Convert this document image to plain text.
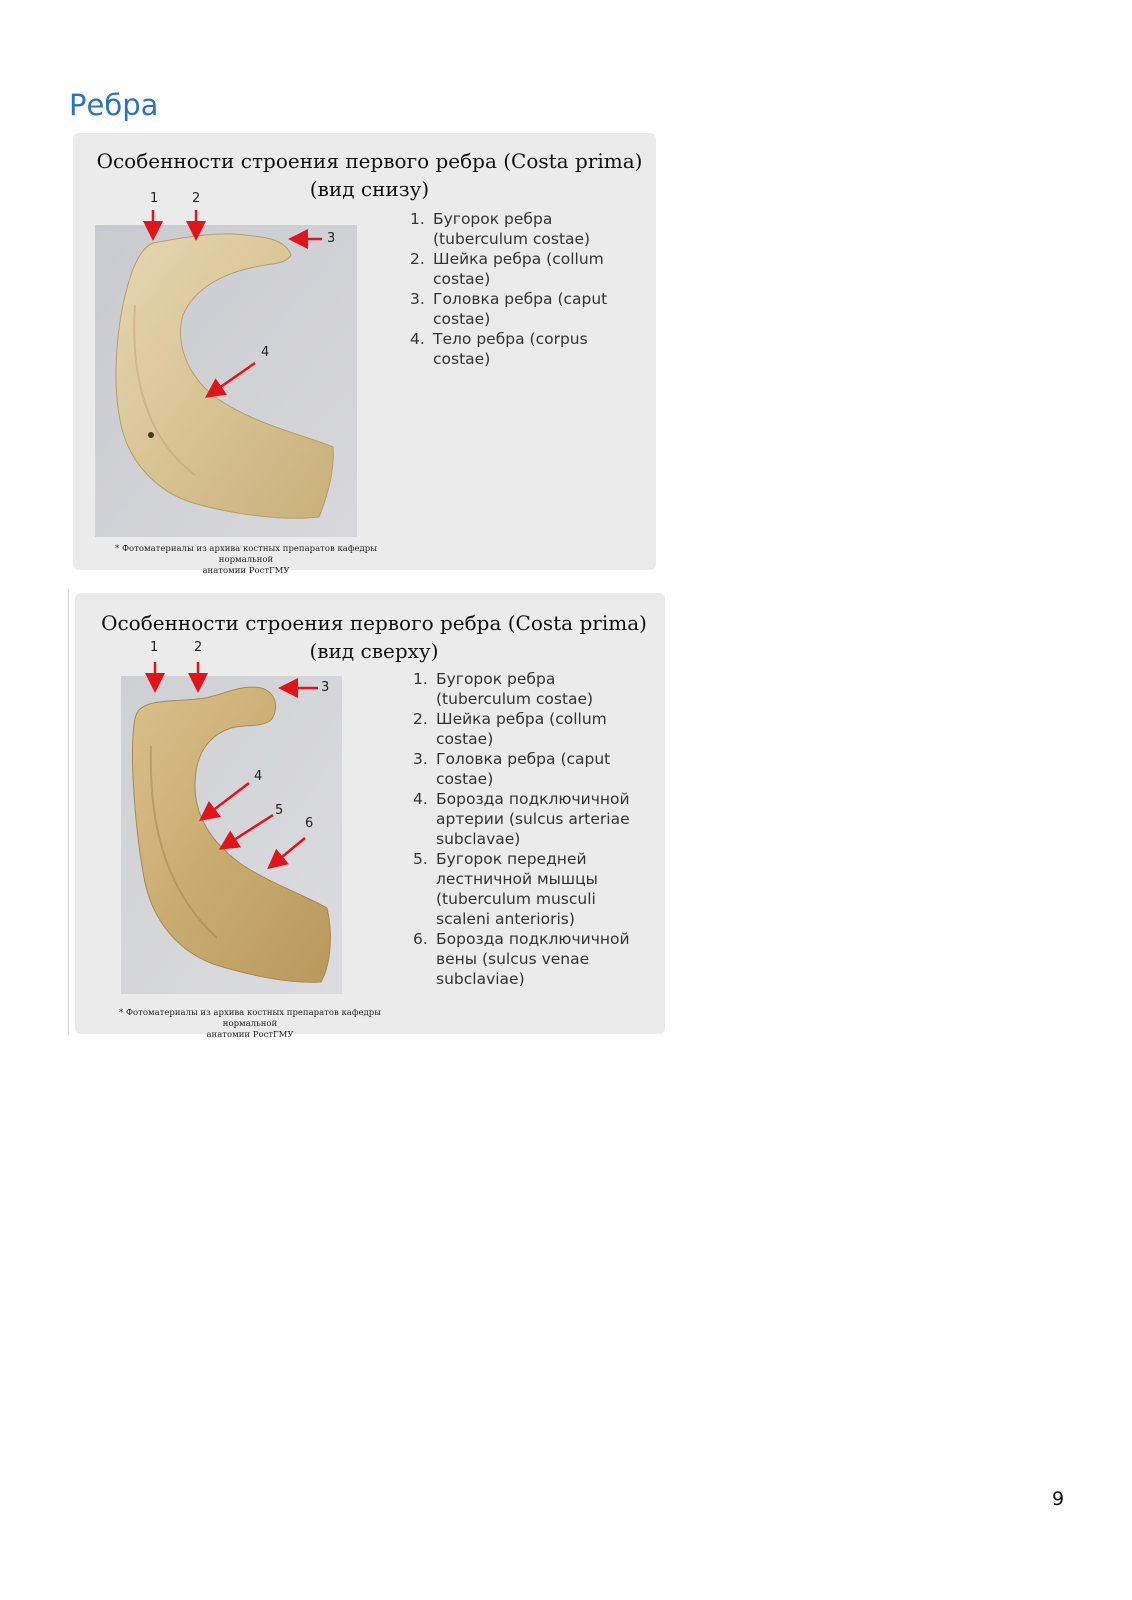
Ребра
Особенности строения первого ребра (Costa prima)
(вид снизу)
1	2
3
4
1. Бугорок ребра (tuberculum costae)
2. Шейка ребра (collum costae)
3. Головка ребра (caput costae)
4. Тело ребра (corpus costae)
* Фотоматериалы из архива костных препаратов кафедры нормальной
анатомии РостГМУ
Особенности строения первого ребра (Costa prima)
(вид сверху)
1	2
3
4
5
6
1. Бугорок ребра (tuberculum costae)
2. Шейка ребра (collum costae)
3. Головка ребра (caput costae)
4. Борозда подключичной артерии (sulcus arteriae subclavae)
5. Бугорок передней лестничной мышцы (tuberculum musculi scaleni anterioris)
6. Борозда подключичной вены (sulcus venae subclaviae)
* Фотоматериалы из архива костных препаратов кафедры нормальной
анатомии РостГМУ
9
